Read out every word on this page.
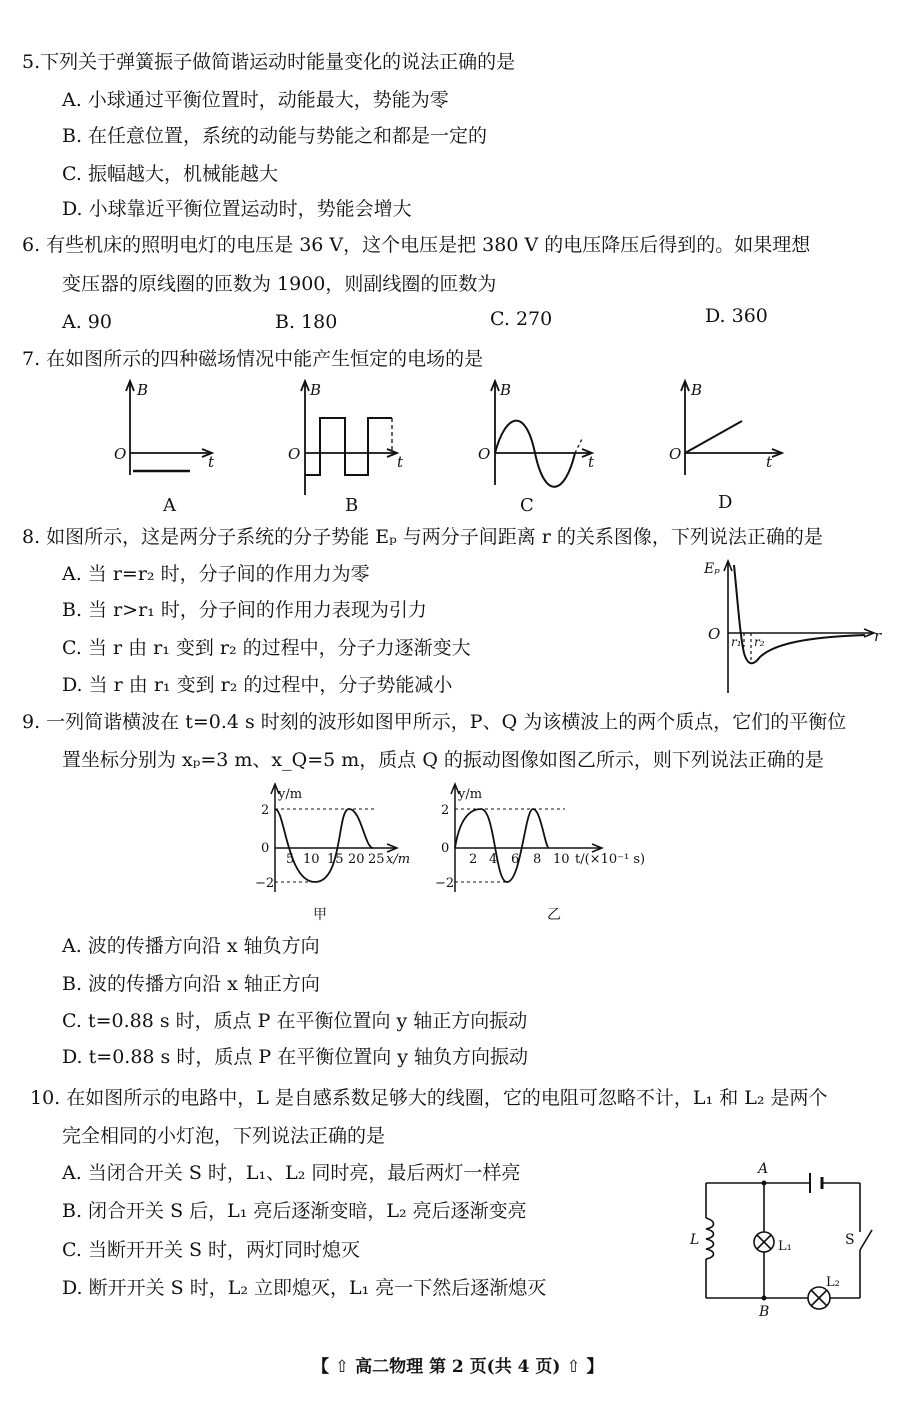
5.下列关于弹簧振子做简谐运动时能量变化的说法正确的是
A. 小球通过平衡位置时，动能最大，势能为零
B. 在任意位置，系统的动能与势能之和都是一定的
C. 振幅越大，机械能越大
D. 小球靠近平衡位置运动时，势能会增大
6. 有些机床的照明电灯的电压是 36 V，这个电压是把 380 V 的电压降压后得到的。如果理想
变压器的原线圈的匝数为 1900，则副线圈的匝数为
A. 90	B. 180	C. 270	D. 360
7. 在如图所示的四种磁场情况中能产生恒定的电场的是
B
O	t
A
B
O	t
B
B
O	t
C
B
O	t
D
8. 如图所示，这是两分子系统的分子势能 Eₚ 与两分子间距离 r 的关系图像，下列说法正确的是
A. 当 r=r₂ 时，分子间的作用力为零
B. 当 r>r₁ 时，分子间的作用力表现为引力
C. 当 r 由 r₁ 变到 r₂ 的过程中，分子力逐渐变大
D. 当 r 由 r₁ 变到 r₂ 的过程中，分子势能减小
Eₚ
O	r
r₁ r₂
9. 一列简谐横波在 t=0.4 s 时刻的波形如图甲所示，P、Q 为该横波上的两个质点，它们的平衡位
置坐标分别为 xₚ=3 m、x_Q=5 m，质点 Q 的振动图像如图乙所示，则下列说法正确的是
y/m
2
0
−2
5 10 15 20 25 x/m
甲
y/m
2
0
−2
2 4 6 8 10 t/(×10⁻¹ s)
乙
A. 波的传播方向沿 x 轴负方向
B. 波的传播方向沿 x 轴正方向
C. t=0.88 s 时，质点 P 在平衡位置向 y 轴正方向振动
D. t=0.88 s 时，质点 P 在平衡位置向 y 轴负方向振动
10. 在如图所示的电路中，L 是自感系数足够大的线圈，它的电阻可忽略不计，L₁ 和 L₂ 是两个
完全相同的小灯泡，下列说法正确的是
A. 当闭合开关 S 时，L₁、L₂ 同时亮，最后两灯一样亮
B. 闭合开关 S 后，L₁ 亮后逐渐变暗，L₂ 亮后逐渐变亮
C. 当断开开关 S 时，两灯同时熄灭
D. 断开开关 S 时，L₂ 立即熄灭，L₁ 亮一下然后逐渐熄灭
A
B
L	S
L₁
L₂
【 ⇧ 高二物理 第 2 页(共 4 页) ⇧ 】
